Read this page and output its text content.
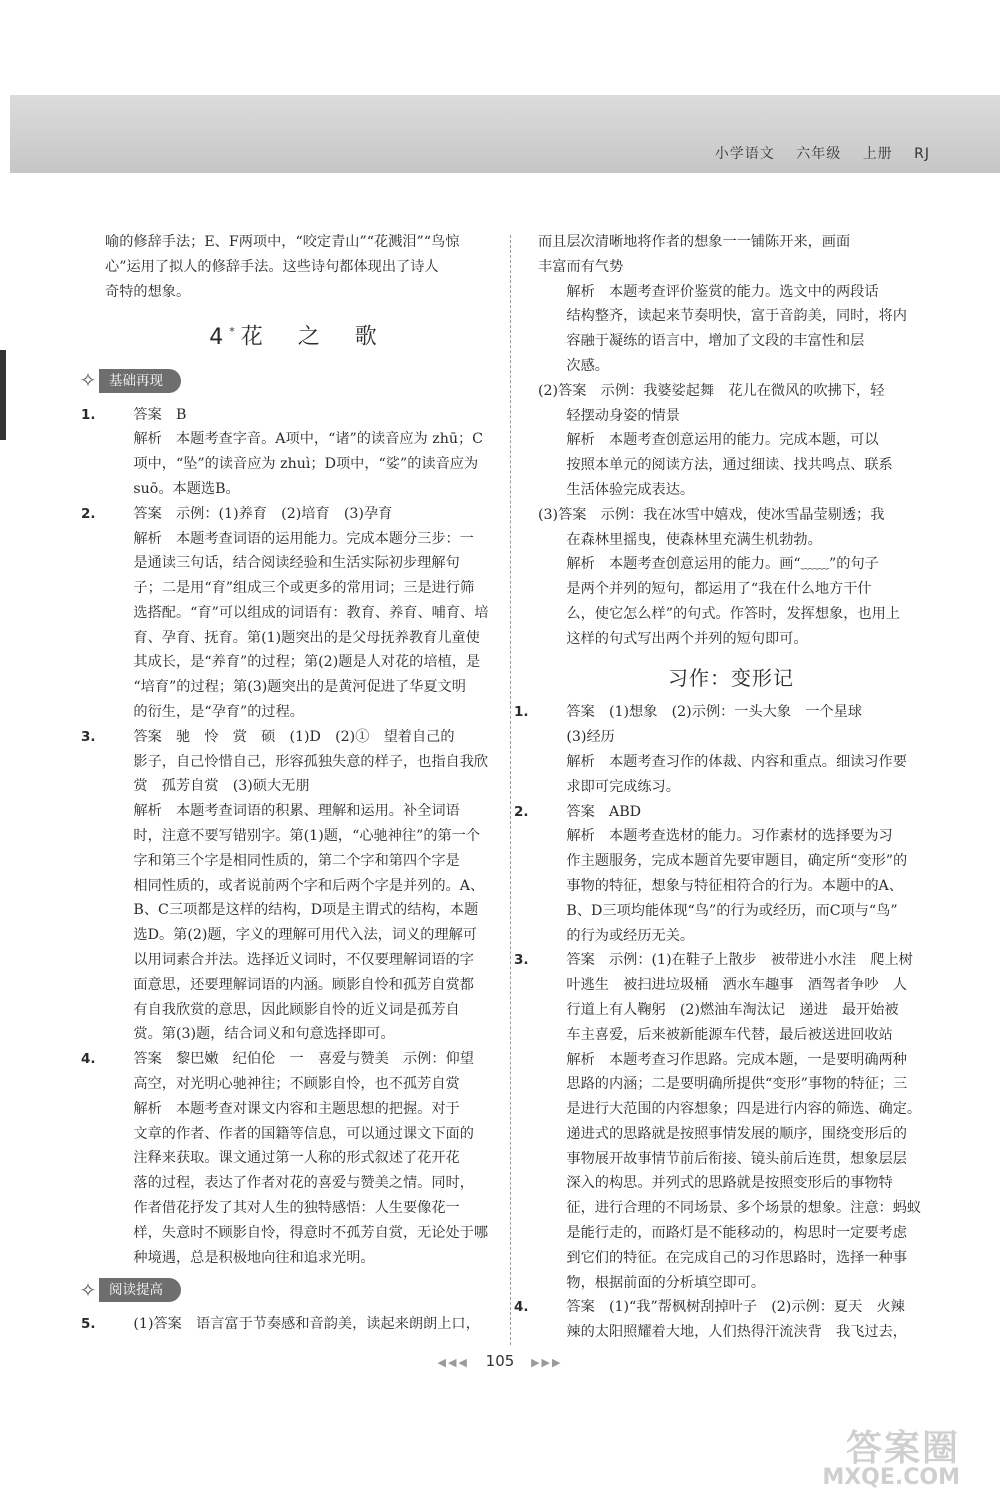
小学语文 六年级 上册 RJ

喻的修辞手法；E、F两项中，“咬定青山”“花溅泪”“鸟惊

心”运用了拟人的修辞手法。这些诗句都体现出了诗人

奇特的想象。

4 * 花 之 歌
✧ 基础再现
1.	答案　B

解析　本题考查字音。A项中，“诸”的读音应为 zhū；C

项中，“坠”的读音应为 zhuì；D项中，“娑”的读音应为

suō。本题选B。

2.	答案　示例：(1)养育　(2)培育　(3)孕育

解析　本题考查词语的运用能力。完成本题分三步：一

是通读三句话，结合阅读经验和生活实际初步理解句

子；二是用“育”组成三个或更多的常用词；三是进行筛

选搭配。“育”可以组成的词语有：教育、养育、哺育、培

育、孕育、抚育。第(1)题突出的是父母抚养教育儿童使

其成长，是“养育”的过程；第(2)题是人对花的培植，是

“培育”的过程；第(3)题突出的是黄河促进了华夏文明

的衍生，是“孕育”的过程。

3.	答案　驰　怜　赏　硕　(1)D　(2)①　望着自己的

影子，自己怜惜自己，形容孤独失意的样子，也指自我欣

赏　孤芳自赏　(3)硕大无朋

解析　本题考查词语的积累、理解和运用。补全词语

时，注意不要写错别字。第(1)题，“心驰神往”的第一个

字和第三个字是相同性质的，第二个字和第四个字是

相同性质的，或者说前两个字和后两个字是并列的。A、

B、C三项都是这样的结构，D项是主谓式的结构，本题

选D。第(2)题，字义的理解可用代入法，词义的理解可

以用词素合并法。选择近义词时，不仅要理解词语的字

面意思，还要理解词语的内涵。顾影自怜和孤芳自赏都

有自我欣赏的意思，因此顾影自怜的近义词是孤芳自

赏。第(3)题，结合词义和句意选择即可。

4.	答案　黎巴嫩　纪伯伦　一　喜爱与赞美　示例：仰望

高空，对光明心驰神往；不顾影自怜，也不孤芳自赏

解析　本题考查对课文内容和主题思想的把握。对于

文章的作者、作者的国籍等信息，可以通过课文下面的

注释来获取。课文通过第一人称的形式叙述了花开花

落的过程，表达了作者对花的喜爱与赞美之情。同时，

作者借花抒发了其对人生的独特感悟：人生要像花一

样，失意时不顾影自怜，得意时不孤芳自赏，无论处于哪

种境遇，总是积极地向往和追求光明。

✧ 阅读提高
5.	(1)答案　语言富于节奏感和音韵美，读起来朗朗上口，

而且层次清晰地将作者的想象一一铺陈开来，画面

丰富而有气势

解析　本题考查评价鉴赏的能力。选文中的两段话

结构整齐，读起来节奏明快，富于音韵美，同时，将内

容融于凝练的语言中，增加了文段的丰富性和层

次感。

(2)答案　示例：我婆娑起舞　花儿在微风的吹拂下，轻

轻摆动身姿的情景

解析　本题考查创意运用的能力。完成本题，可以

按照本单元的阅读方法，通过细读、找共鸣点、联系

生活体验完成表达。

(3)答案　示例：我在冰雪中嬉戏，使冰雪晶莹剔透；我

在森林里摇曳，使森林里充满生机勃勃。

解析　本题考查创意运用的能力。画“﹏﹏”的句子

是两个并列的短句，都运用了“我在什么地方干什

么，使它怎么样”的句式。作答时，发挥想象，也用上

这样的句式写出两个并列的短句即可。

习作：变形记
1.	答案　(1)想象　(2)示例：一头大象　一个星球

(3)经历

解析　本题考查习作的体裁、内容和重点。细读习作要

求即可完成练习。

2.	答案　ABD

解析　本题考查选材的能力。习作素材的选择要为习

作主题服务，完成本题首先要审题目，确定所“变形”的

事物的特征，想象与特征相符合的行为。本题中的A、

B、D三项均能体现“鸟”的行为或经历，而C项与“鸟”

的行为或经历无关。

3.	答案　示例：(1)在鞋子上散步　被带进小水洼　爬上树

叶逃生　被扫进垃圾桶　洒水车趣事　酒驾者争吵　人

行道上有人鞠躬　(2)燃油车淘汰记　递进　最开始被

车主喜爱，后来被新能源车代替，最后被送进回收站

解析　本题考查习作思路。完成本题，一是要明确两种

思路的内涵；二是要明确所提供“变形”事物的特征；三

是进行大范围的内容想象；四是进行内容的筛选、确定。

递进式的思路就是按照事情发展的顺序，围绕变形后的

事物展开故事情节前后衔接、镜头前后连贯，想象层层

深入的构思。并列式的思路就是按照变形后的事物特

征，进行合理的不同场景、多个场景的想象。注意：蚂蚁

是能行走的，而路灯是不能移动的，构思时一定要考虑

到它们的特征。在完成自己的习作思路时，选择一种事

物，根据前面的分析填空即可。

4.	答案　(1)“我”帮枫树刮掉叶子　(2)示例：夏天　火辣

辣的太阳照耀着大地，人们热得汗流浃背　我飞过去，

◀◀◀ 105 ▶▶▶
答案圈
MXQE.COM
